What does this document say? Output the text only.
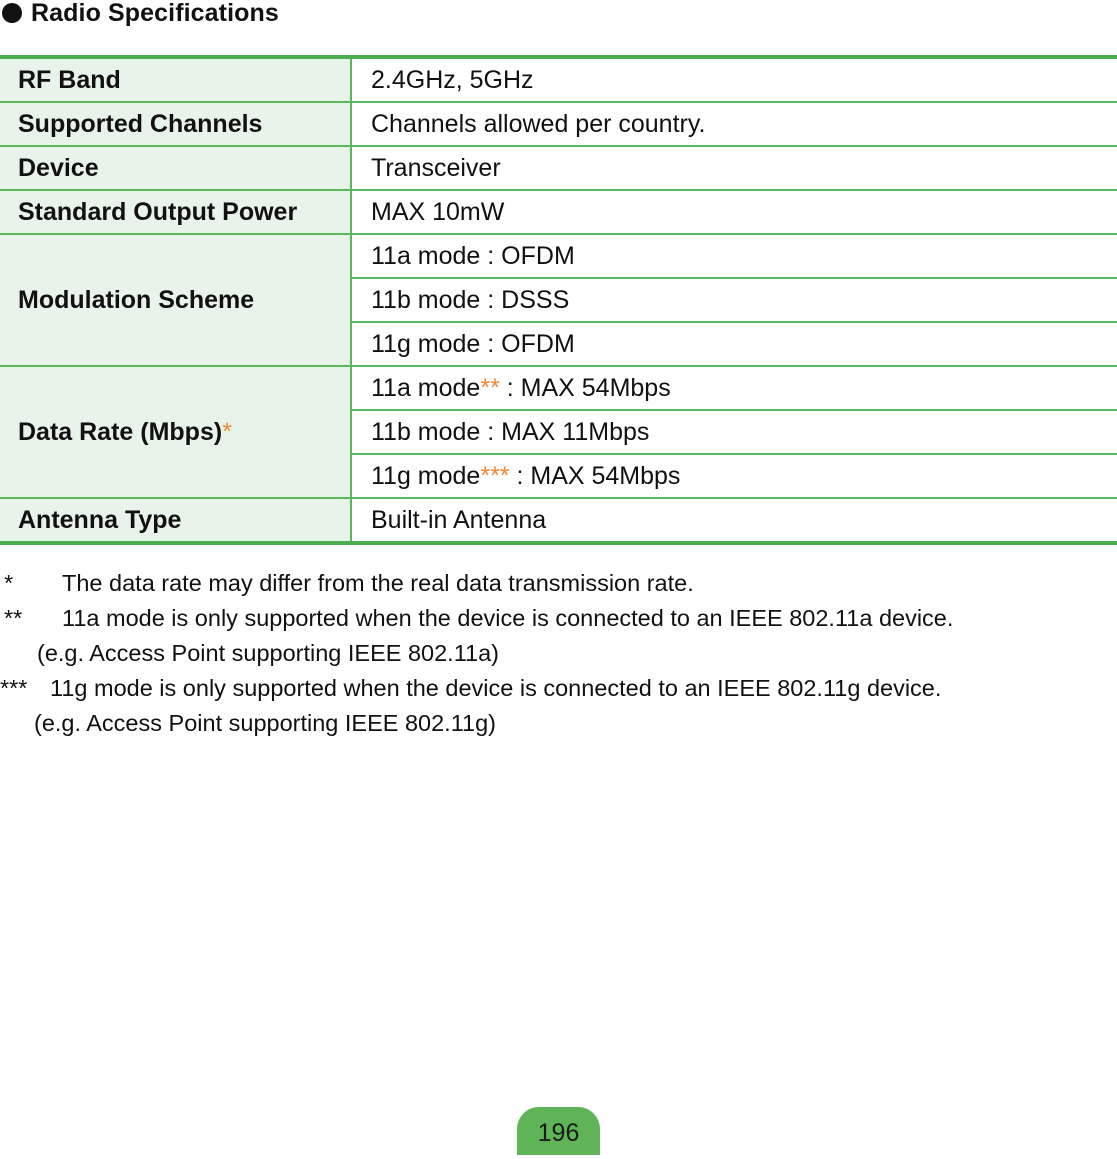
Radio Specifications
RF Band	2.4GHz, 5GHz
Supported Channels	Channels allowed per country.
Device	Transceiver
Standard Output Power	MAX 10mW
Modulation Scheme	11a mode : OFDM
	11b mode : DSSS
	11g mode : OFDM
Data Rate (Mbps)*	11a mode** : MAX 54Mbps
	11b mode : MAX 11Mbps
	11g mode*** : MAX 54Mbps
Antenna Type	Built-in Antenna
*	The data rate may differ from the real data transmission rate.
**	11a mode is only supported when the device is connected to an IEEE 802.11a device.
(e.g. Access Point supporting IEEE 802.11a)
*** 11g mode is only supported when the device is connected to an IEEE 802.11g device.
(e.g. Access Point supporting IEEE 802.11g)
196
